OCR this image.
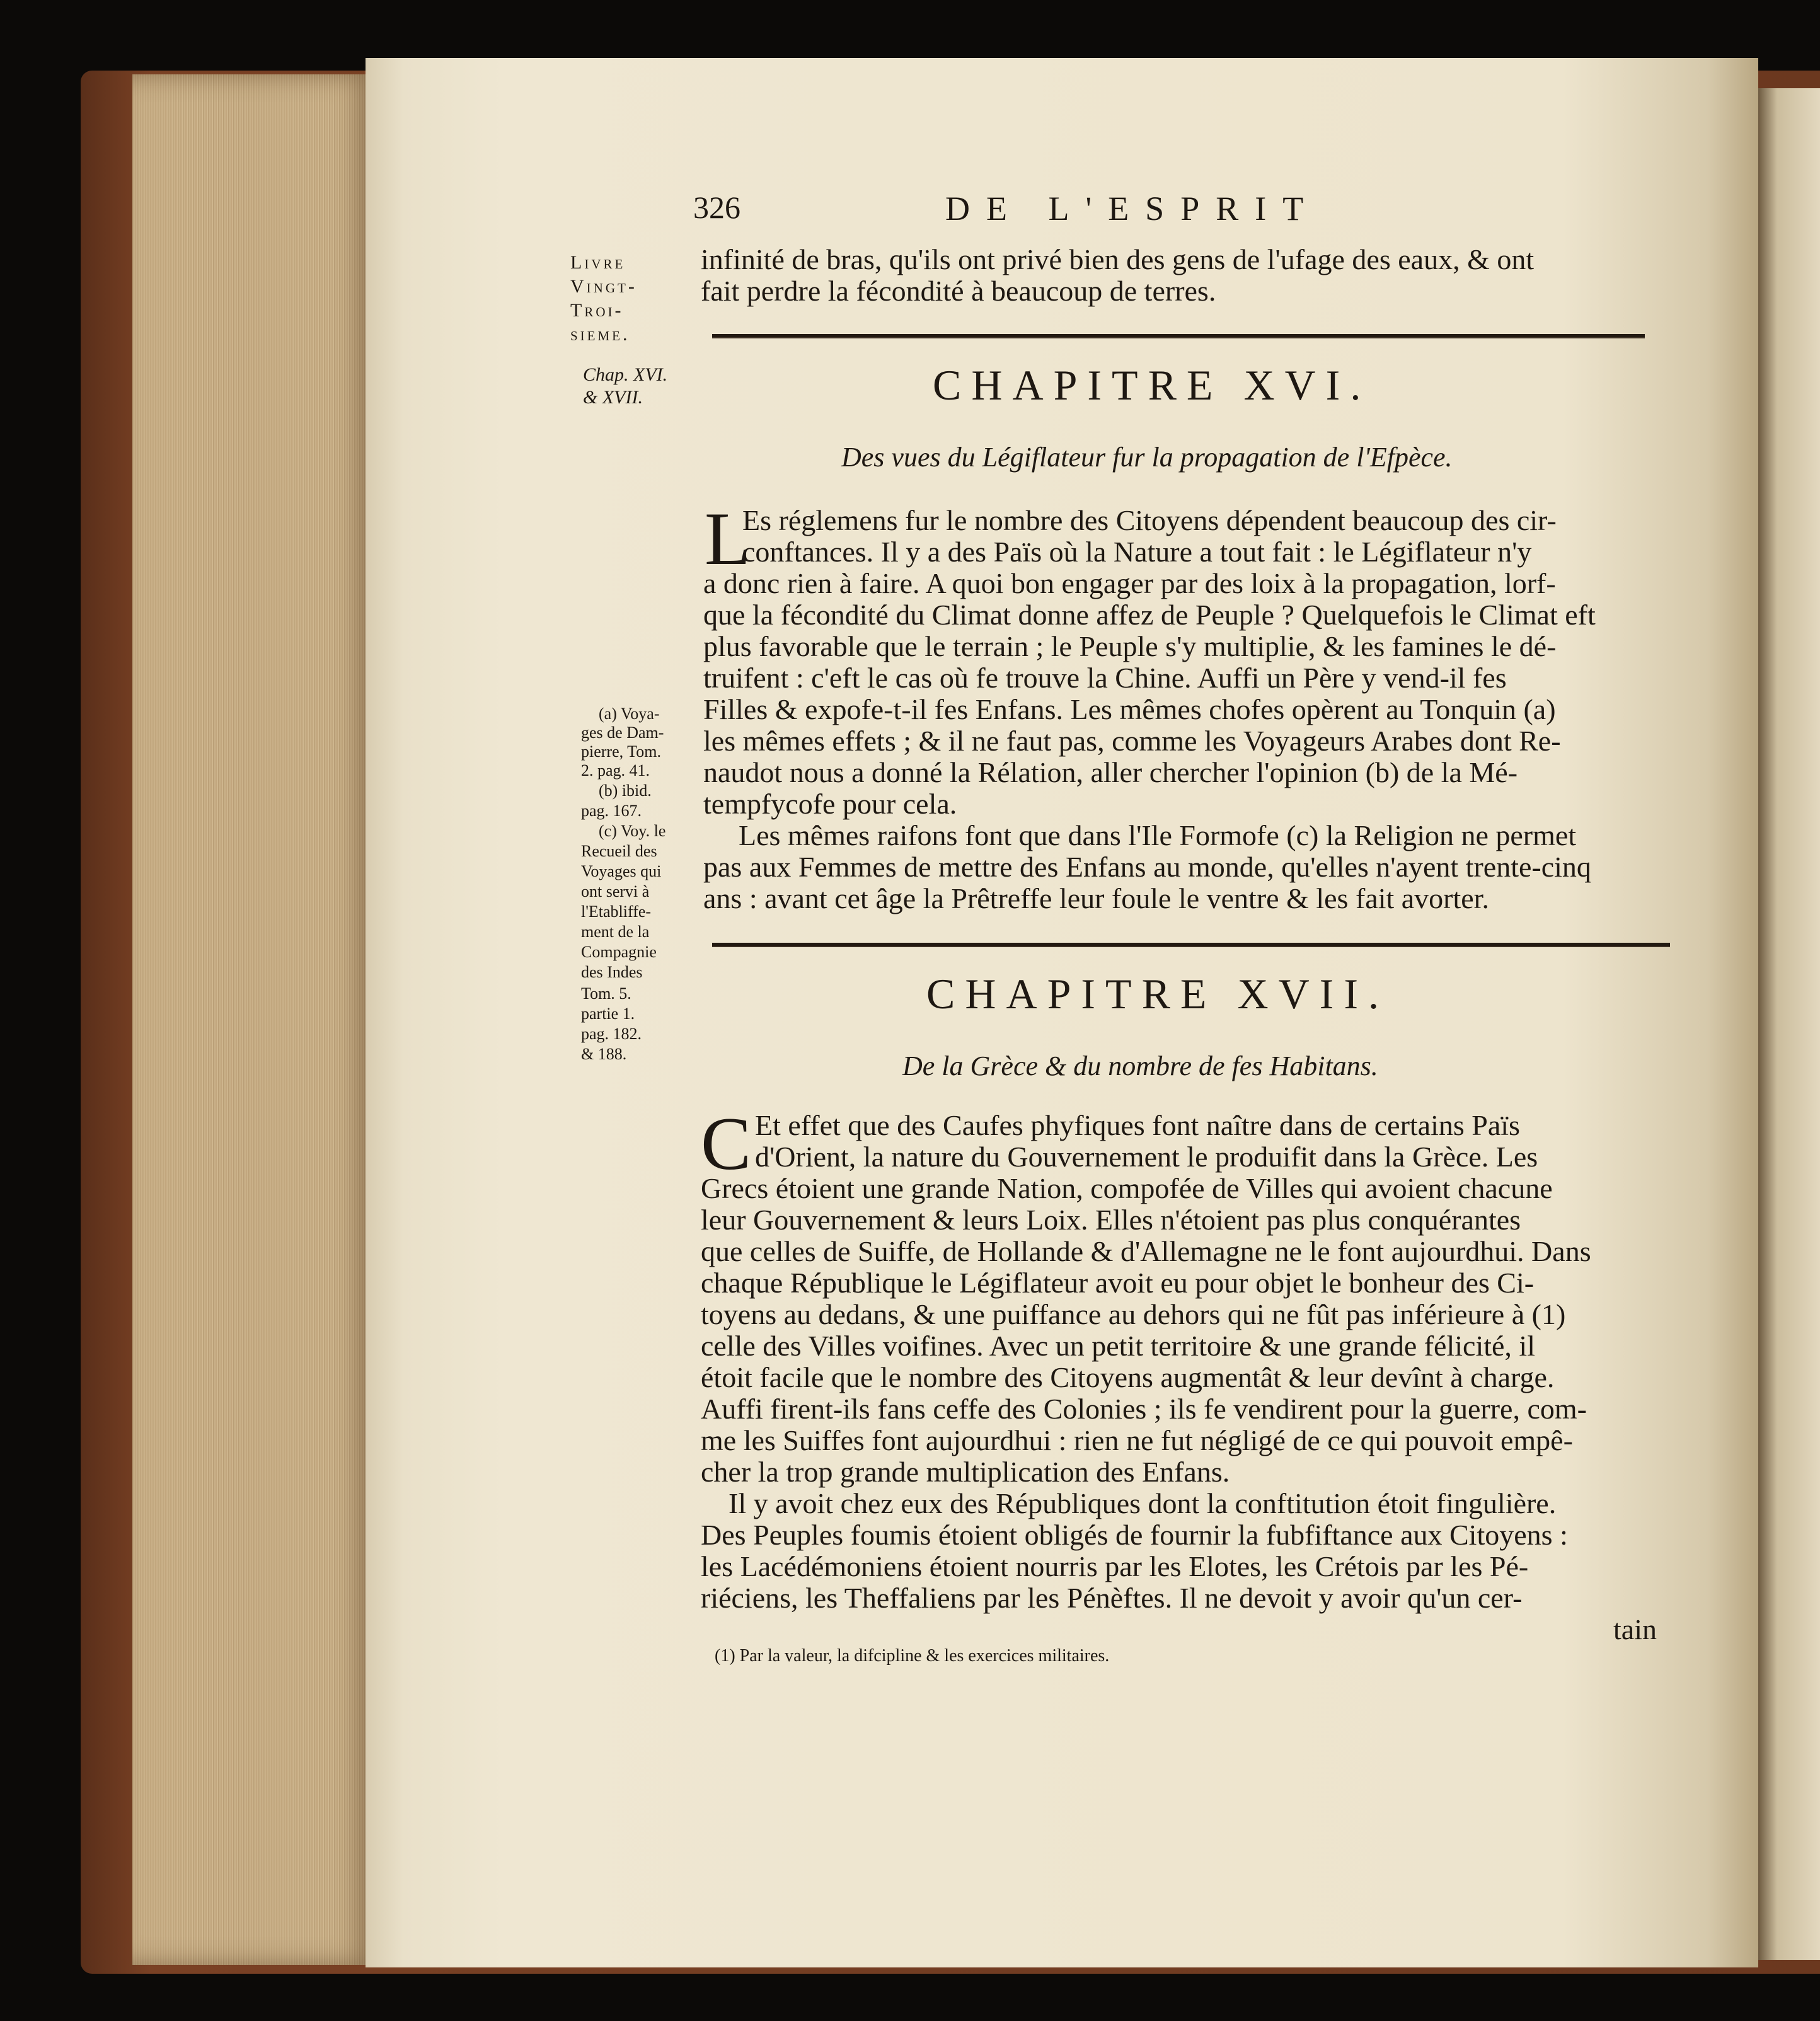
326	DE L'ESPRIT
Livre
Vingt-
Troi-
sieme.
Chap. XVI.
& XVII.
(a) Voya-
ges de Dam-
pierre, Tom.
2. pag. 41.
(b) ibid.
pag. 167.
(c) Voy. le
Recueil des
Voyages qui
ont servi à
l'Etabliffe-
ment de la
Compagnie
des Indes
Tom. 5.
partie 1.
pag. 182.
& 188.
infinité de bras, qu'ils ont privé bien des gens de l'ufage des eaux, & ont
fait perdre la fécondité à beaucoup de terres.
CHAPITRE XVI.
Des vues du Légiflateur fur la propagation de l'Efpèce.
L
Es réglemens fur le nombre des Citoyens dépendent beaucoup des cir-
conftances. Il y a des Païs où la Nature a tout fait : le Légiflateur n'y
a donc rien à faire. A quoi bon engager par des loix à la propagation, lorf-
que la fécondité du Climat donne affez de Peuple ? Quelquefois le Climat eft
plus favorable que le terrain ; le Peuple s'y multiplie, & les famines le dé-
truifent : c'eft le cas où fe trouve la Chine. Auffi un Père y vend-il fes
Filles & expofe-t-il fes Enfans. Les mêmes chofes opèrent au Tonquin (a)
les mêmes effets ; & il ne faut pas, comme les Voyageurs Arabes dont Re-
naudot nous a donné la Rélation, aller chercher l'opinion (b) de la Mé-
tempfycofe pour cela.
Les mêmes raifons font que dans l'Ile Formofe (c) la Religion ne permet
pas aux Femmes de mettre des Enfans au monde, qu'elles n'ayent trente-cinq
ans : avant cet âge la Prêtreffe leur foule le ventre & les fait avorter.
CHAPITRE XVII.
De la Grèce & du nombre de fes Habitans.
C Et effet que des Caufes phyfiques font naître dans de certains Païs
d'Orient, la nature du Gouvernement le produifit dans la Grèce. Les
Grecs étoient une grande Nation, compofée de Villes qui avoient chacune
leur Gouvernement & leurs Loix. Elles n'étoient pas plus conquérantes
que celles de Suiffe, de Hollande & d'Allemagne ne le font aujourdhui. Dans
chaque République le Légiflateur avoit eu pour objet le bonheur des Ci-
toyens au dedans, & une puiffance au dehors qui ne fût pas inférieure à (1)
celle des Villes voifines. Avec un petit territoire & une grande félicité, il
étoit facile que le nombre des Citoyens augmentât & leur devînt à charge.
Auffi firent-ils fans ceffe des Colonies ; ils fe vendirent pour la guerre, com-
me les Suiffes font aujourdhui : rien ne fut négligé de ce qui pouvoit empê-
cher la trop grande multiplication des Enfans.
Il y avoit chez eux des Républiques dont la conftitution étoit fingulière.
Des Peuples foumis étoient obligés de fournir la fubfiftance aux Citoyens :
les Lacédémoniens étoient nourris par les Elotes, les Crétois par les Pé-
riéciens, les Theffaliens par les Pénèftes. Il ne devoit y avoir qu'un cer-
tain
(1) Par la valeur, la difcipline & les exercices militaires.
